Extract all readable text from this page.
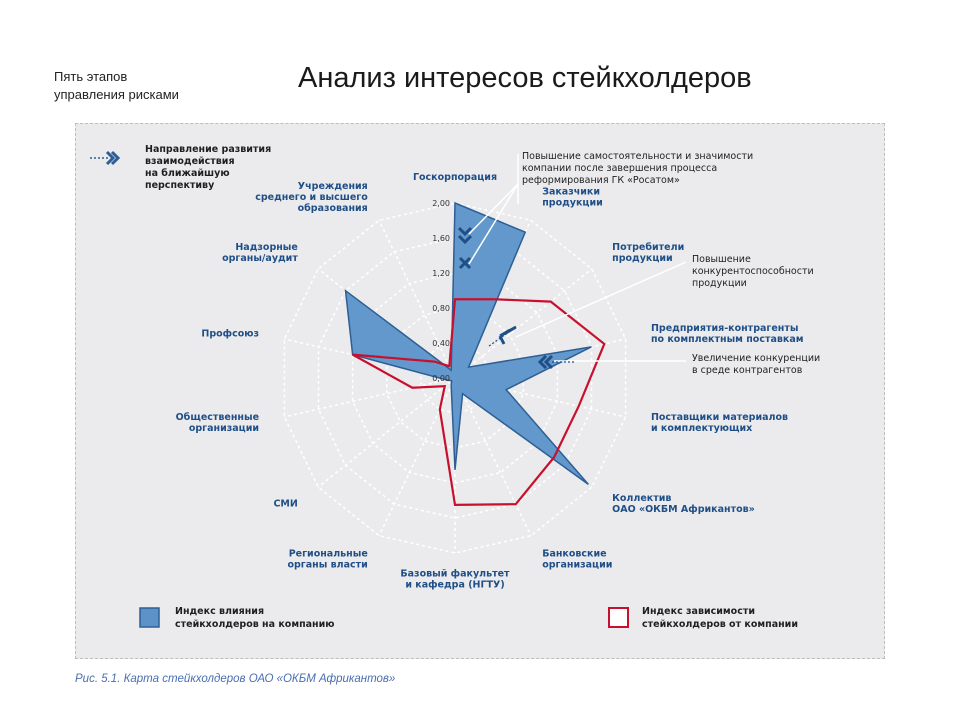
Пять этапов
управления рисками
Анализ интересов стейкхолдеров
0,00
0,40
0,80
1,20
1,60
2,00
Госкорпорация
Заказчики
продукции
Потребители
продукции
Предприятия-контрагенты
по комплектным поставкам
Поставщики материалов
и комплектующих
Коллектив
ОАО «ОКБМ Африкантов»
Банковские
организации
Базовый факультет
и кафедра (НГТУ)
Региональные
органы власти
СМИ
Общественные
организации
Профсоюз
Надзорные
органы/аудит
Учреждения
среднего и высшего
образования
Направление развития
взаимодействия
на ближайшую
перспективу
Повышение самостоятельности и значимости
компании после завершения процесса
реформирования ГК «Росатом»
Повышение
конкурентоспособности
продукции
Увеличение конкуренции
в среде контрагентов
Индекс влияния
стейкхолдеров на компанию
Индекс зависимости
стейкхолдеров от компании
Рис. 5.1. Карта стейкхолдеров ОАО «ОКБМ Африкантов»
